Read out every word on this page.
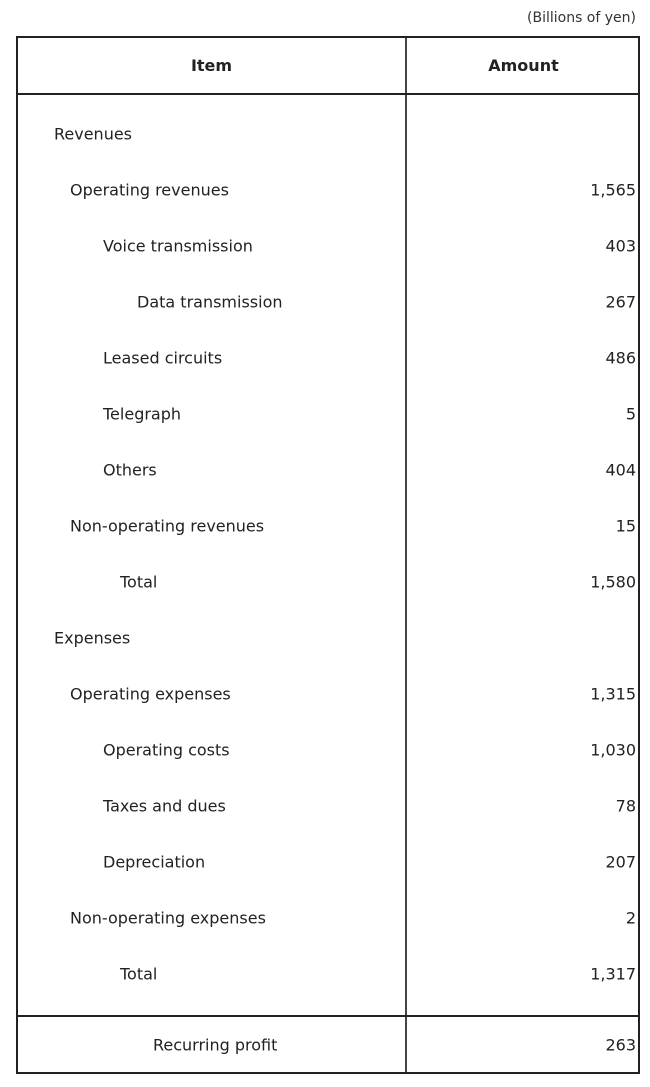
(Billions of yen)
Item	Amount
Revenues
Operating revenues	1,565
Voice transmission	403
Data transmission	267
Leased circuits	486
Telegraph	5
Others	404
Non-operating revenues	15
Total	1,580
Expenses
Operating expenses	1,315
Operating costs	1,030
Taxes and dues	78
Depreciation	207
Non-operating expenses	2
Total	1,317
Recurring profit	263
